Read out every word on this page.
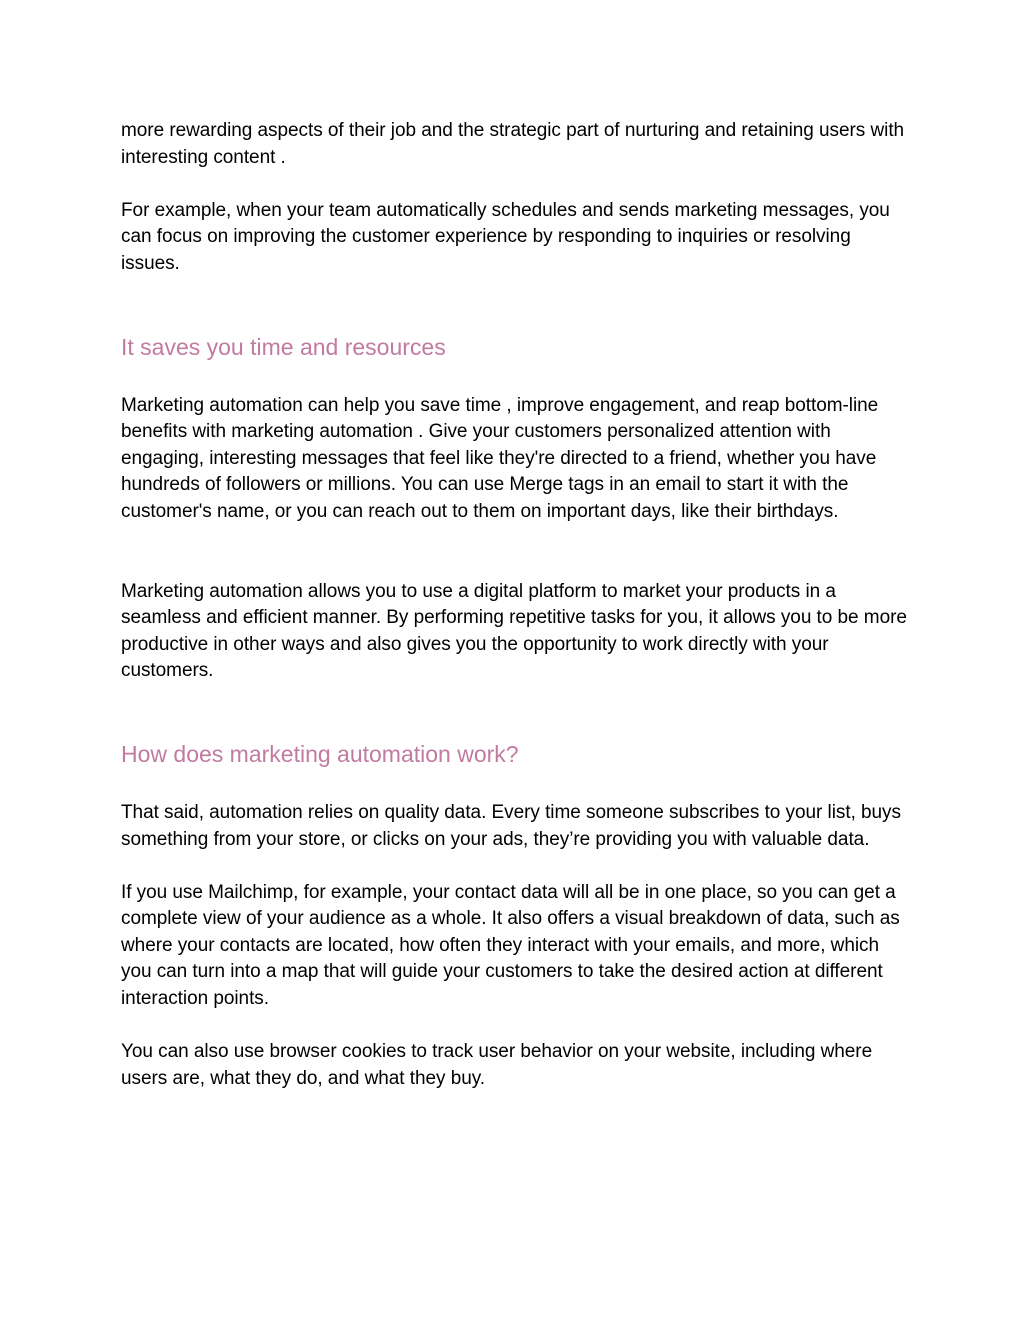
more rewarding aspects of their job and the strategic part of nurturing and retaining users with interesting content .

For example, when your team automatically schedules and sends marketing messages, you can focus on improving the customer experience by responding to inquiries or resolving issues.

It saves you time and resources

Marketing automation can help you save time , improve engagement, and reap bottom-line benefits with marketing automation . Give your customers personalized attention with engaging, interesting messages that feel like they're directed to a friend, whether you have hundreds of followers or millions. You can use Merge tags in an email to start it with the customer's name, or you can reach out to them on important days, like their birthdays.

Marketing automation allows you to use a digital platform to market your products in a seamless and efficient manner. By performing repetitive tasks for you, it allows you to be more productive in other ways and also gives you the opportunity to work directly with your customers.

How does marketing automation work?

That said, automation relies on quality data. Every time someone subscribes to your list, buys something from your store, or clicks on your ads, they’re providing you with valuable data.

If you use Mailchimp, for example, your contact data will all be in one place, so you can get a complete view of your audience as a whole. It also offers a visual breakdown of data, such as where your contacts are located, how often they interact with your emails, and more, which you can turn into a map that will guide your customers to take the desired action at different interaction points.

You can also use browser cookies to track user behavior on your website, including where users are, what they do, and what they buy.
